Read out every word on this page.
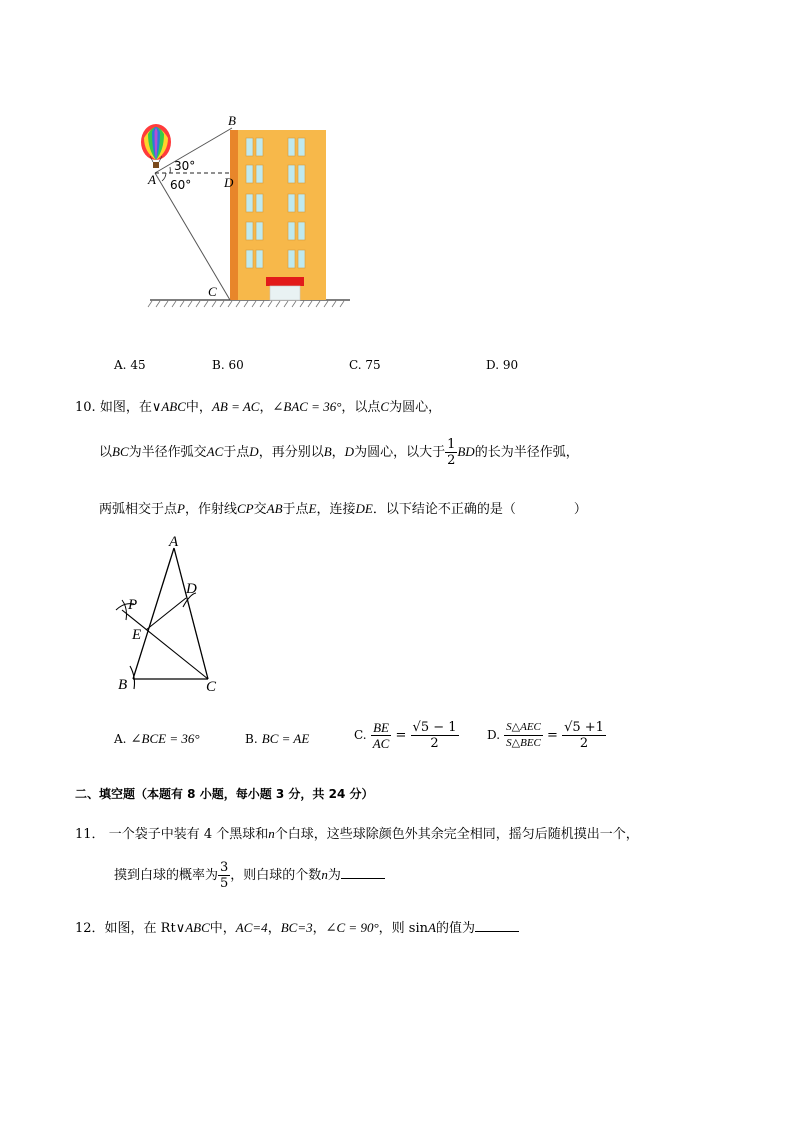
B
A	D
C
30°
60°
A. 45	B. 60	C. 75	D. 90
10. 如图，在∨ABC中，AB = AC，∠BAC = 36°，以点C为圆心，
以BC为半径作弧交AC于点D，再分别以B，D为圆心，以大于 $\frac{1}{2}$ BD的长为半径作弧，
两弧相交于点P，作射线CP交AB于点E，连接DE．以下结论不正确的是（	）
A
D
P
E
B	C
A. ∠BCE = 36°	B. BC = AE	C. $\frac{BE}{AC} = \frac{√5 - 1}{2} D$. $\frac{\text{S△AEC}}{\text{S△BEC}} = \frac{√5 +1}{2}$
二、填空题（本题有 8 小题，每小题 3 分，共 24 分）
11． 一个袋子中装有 4 个黑球和n个白球，这些球除颜色外其余完全相同，摇匀后随机摸出一个，
摸到白球的概率为 $\frac{3}{5}$ ，则白球的个数n为
12．如图，在 Rt∨ABC中，AC=4，BC=3，∠C = 90°，则 sinA的值为
